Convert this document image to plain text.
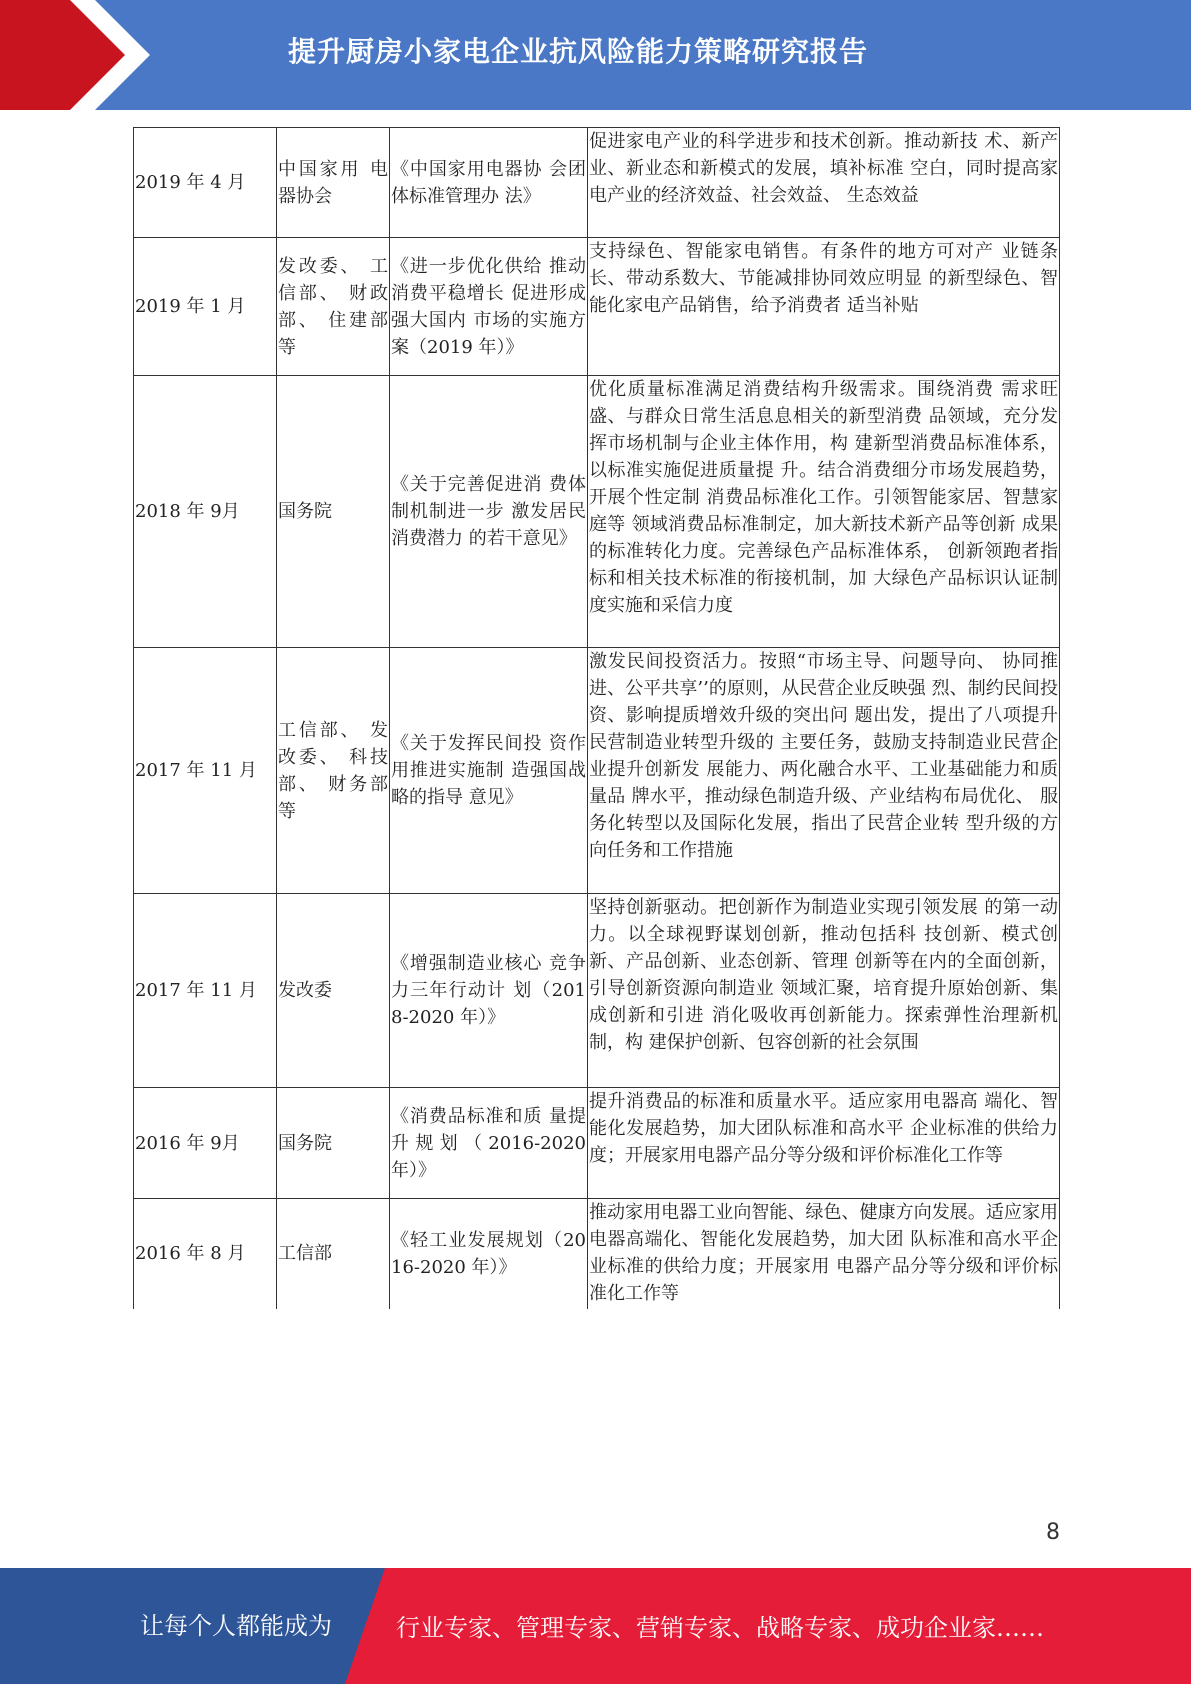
提升厨房小家电企业抗风险能力策略研究报告
2019 年 4 月	中国家用 电器协会	《中国家用电器协 会团体标准管理办 法》	促进家电产业的科学进步和技术创新。推动新技 术、新产业、新业态和新模式的发展，填补标准 空白，同时提高家电产业的经济效益、社会效益、 生态效益
2019 年 1 月	发改委、 工信部、 财政部、 住建部等	《进一步优化供给 推动消费平稳增长 促进形成强大国内 市场的实施方案（2019 年）》	支持绿色、智能家电销售。有条件的地方可对产 业链条长、带动系数大、节能减排协同效应明显 的新型绿色、智能化家电产品销售，给予消费者 适当补贴
2018 年 9月	国务院	《关于完善促进消 费体制机制进一步 激发居民消费潜力 的若干意见》	优化质量标准满足消费结构升级需求。围绕消费 需求旺盛、与群众日常生活息息相关的新型消费 品领域，充分发挥市场机制与企业主体作用，构 建新型消费品标准体系，以标准实施促进质量提 升。结合消费细分市场发展趋势，开展个性定制 消费品标准化工作。引领智能家居、智慧家庭等 领域消费品标准制定，加大新技术新产品等创新 成果的标准转化力度。完善绿色产品标准体系， 创新领跑者指标和相关技术标准的衔接机制，加 大绿色产品标识认证制度实施和采信力度
2017 年 11 月	工信部、 发改委、 科技部、 财务部等	《关于发挥民间投 资作用推进实施制 造强国战略的指导 意见》	激发民间投资活力。按照“市场主导、问题导向、 协同推进、公平共享’’的原则，从民营企业反映强 烈、制约民间投资、影响提质增效升级的突出问 题出发，提出了八项提升民营制造业转型升级的 主要任务，鼓励支持制造业民营企业提升创新发 展能力、两化融合水平、工业基础能力和质量品 牌水平，推动绿色制造升级、产业结构布局优化、 服务化转型以及国际化发展，指出了民营企业转 型升级的方向任务和工作措施
2017 年 11 月	发改委	《增强制造业核心 竞争力三年行动计 划（2018-2020 年）》	坚持创新驱动。把创新作为制造业实现引领发展 的第一动力。以全球视野谋划创新，推动包括科 技创新、模式创新、产品创新、业态创新、管理 创新等在内的全面创新，引导创新资源向制造业 领域汇聚，培育提升原始创新、集成创新和引进 消化吸收再创新能力。探索弹性治理新机制，构 建保护创新、包容创新的社会氛围
2016 年 9月	国务院	《消费品标准和质 量提升规划（2016-2020 年）》	提升消费品的标准和质量水平。适应家用电器高 端化、智能化发展趋势，加大团队标准和高水平 企业标准的供给力度；开展家用电器产品分等分级和评价标准化工作等
2016 年 8 月	工信部	《轻工业发展规划（2016-2020 年）》	推动家用电器工业向智能、绿色、健康方向发展。适应家用电器高端化、智能化发展趋势，加大团 队标准和高水平企业标准的供给力度；开展家用 电器产品分等分级和评价标准化工作等
8
让每个人都能成为	行业专家、管理专家、营销专家、战略专家、成功企业家……
